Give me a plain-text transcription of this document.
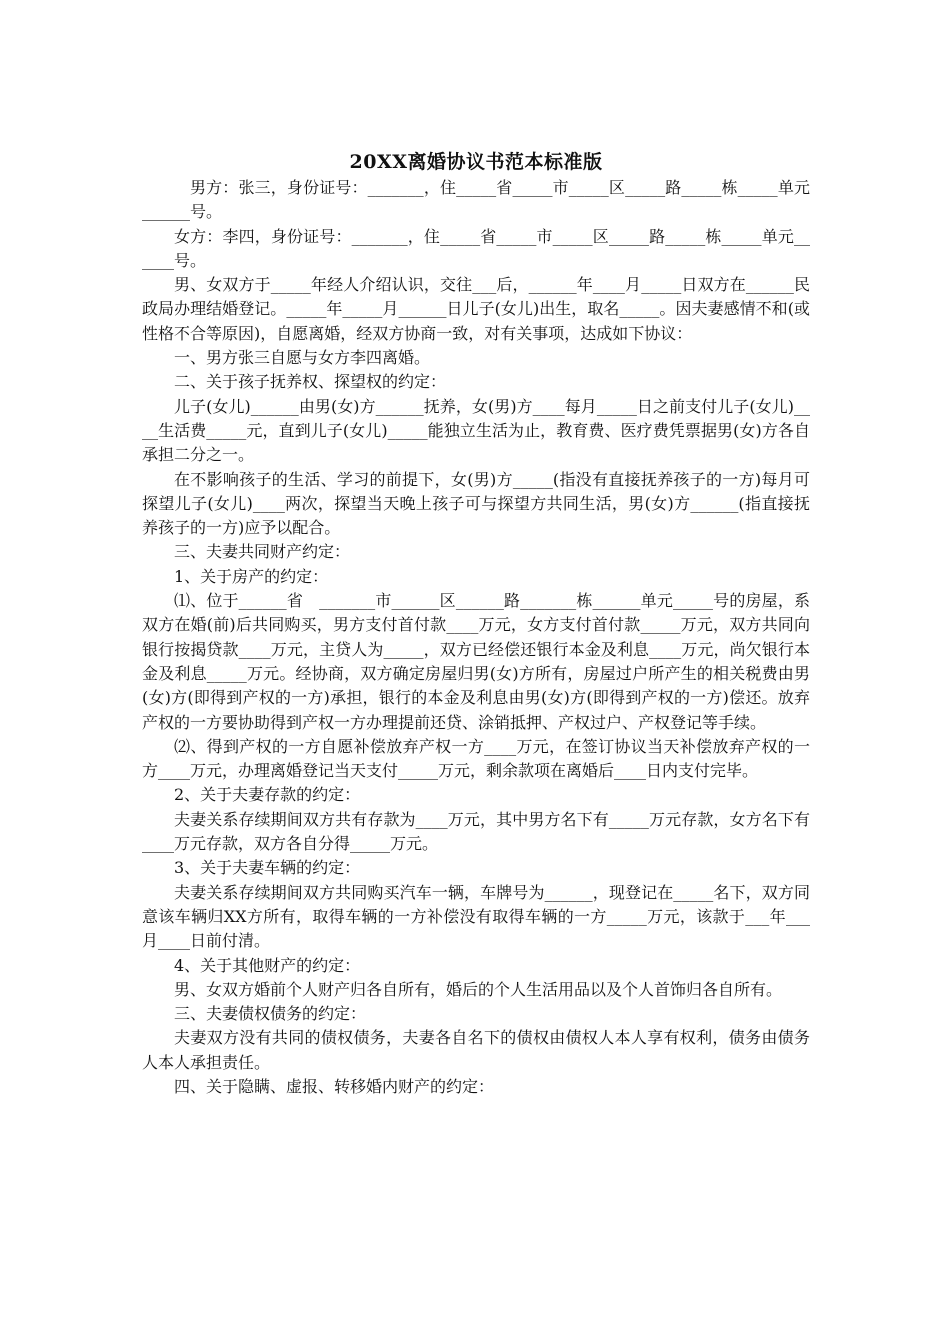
20XX离婚协议书范本标准版

男方：张三，身份证号：_______，住_____省_____市_____区_____路_____栋_____单元______号。

女方：李四，身份证号：_______，住_____省_____市_____区_____路_____栋_____单元______号。

男、女双方于_____年经人介绍认识，交往___后，______年____月_____日双方在______民政局办理结婚登记。_____年_____月______日儿子(女儿)出生，取名_____。因夫妻感情不和(或性格不合等原因)，自愿离婚，经双方协商一致，对有关事项，达成如下协议：

一、男方张三自愿与女方李四离婚。

二、关于孩子抚养权、探望权的约定：

儿子(女儿)______由男(女)方______抚养，女(男)方____每月_____日之前支付儿子(女儿)____生活费_____元，直到儿子(女儿)_____能独立生活为止，教育费、医疗费凭票据男(女)方各自承担二分之一。

在不影响孩子的生活、学习的前提下，女(男)方_____(指没有直接抚养孩子的一方)每月可探望儿子(女儿)____两次，探望当天晚上孩子可与探望方共同生活，男(女)方______(指直接抚养孩子的一方)应予以配合。

三、夫妻共同财产约定：

1、关于房产的约定：

⑴、位于______省　_______市______区______路_______栋______单元_____号的房屋，系双方在婚(前)后共同购买，男方支付首付款____万元，女方支付首付款_____万元，双方共同向银行按揭贷款____万元，主贷人为_____，双方已经偿还银行本金及利息____万元，尚欠银行本金及利息_____万元。经协商，双方确定房屋归男(女)方所有，房屋过户所产生的相关税费由男(女)方(即得到产权的一方)承担，银行的本金及利息由男(女)方(即得到产权的一方)偿还。放弃产权的一方要协助得到产权一方办理提前还贷、涂销抵押、产权过户、产权登记等手续。

⑵、得到产权的一方自愿补偿放弃产权一方____万元，在签订协议当天补偿放弃产权的一方____万元，办理离婚登记当天支付_____万元，剩余款项在离婚后____日内支付完毕。

2、关于夫妻存款的约定：

夫妻关系存续期间双方共有存款为____万元，其中男方名下有_____万元存款，女方名下有____万元存款，双方各自分得_____万元。

3、关于夫妻车辆的约定：

夫妻关系存续期间双方共同购买汽车一辆，车牌号为______，现登记在_____名下，双方同意该车辆归XX方所有，取得车辆的一方补偿没有取得车辆的一方_____万元，该款于___年___月____日前付清。

4、关于其他财产的约定：

男、女双方婚前个人财产归各自所有，婚后的个人生活用品以及个人首饰归各自所有。

三、夫妻债权债务的约定：

夫妻双方没有共同的债权债务，夫妻各自名下的债权由债权人本人享有权利，债务由债务人本人承担责任。

四、关于隐瞒、虚报、转移婚内财产的约定：
